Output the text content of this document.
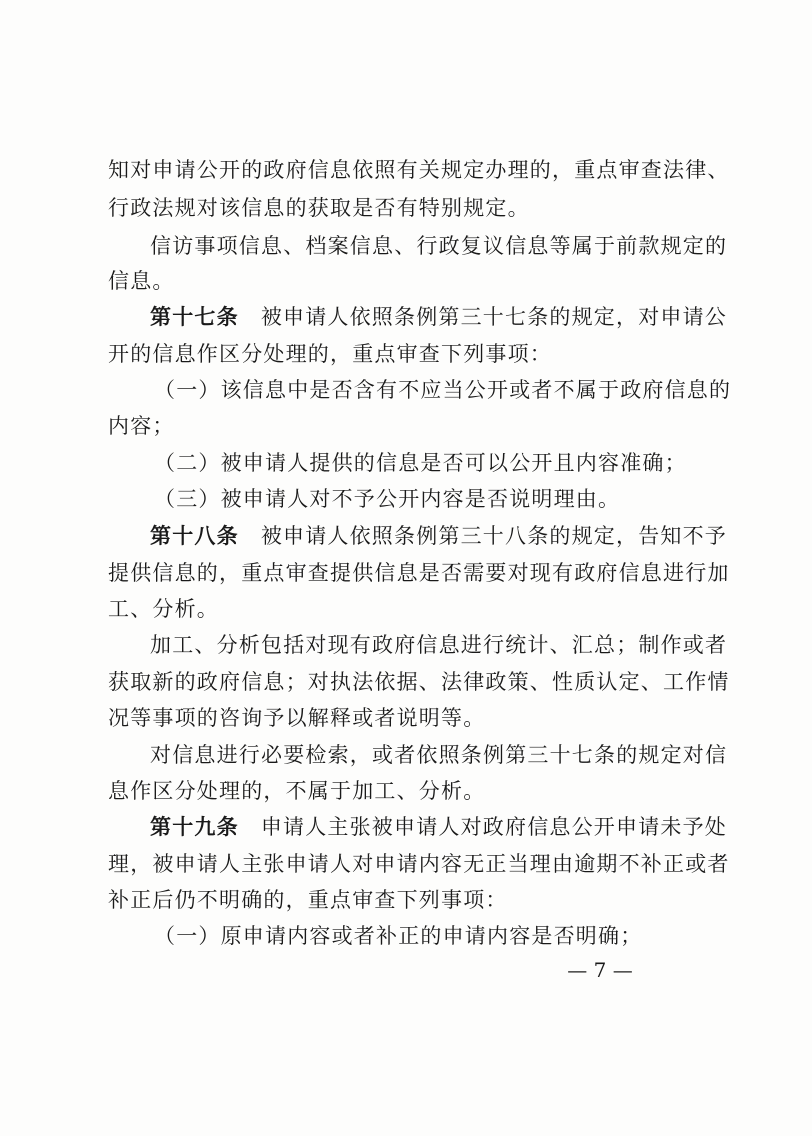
知对申请公开的政府信息依照有关规定办理的，重点审查法律、
行政法规对该信息的获取是否有特别规定。
信访事项信息、档案信息、行政复议信息等属于前款规定的
信息。
第十七条 被申请人依照条例第三十七条的规定，对申请公
开的信息作区分处理的，重点审查下列事项：
（一）该信息中是否含有不应当公开或者不属于政府信息的
内容；
（二）被申请人提供的信息是否可以公开且内容准确；
（三）被申请人对不予公开内容是否说明理由。
第十八条 被申请人依照条例第三十八条的规定，告知不予
提供信息的，重点审查提供信息是否需要对现有政府信息进行加
工、分析。
加工、分析包括对现有政府信息进行统计、汇总；制作或者
获取新的政府信息；对执法依据、法律政策、性质认定、工作情
况等事项的咨询予以解释或者说明等。
对信息进行必要检索，或者依照条例第三十七条的规定对信
息作区分处理的，不属于加工、分析。
第十九条 申请人主张被申请人对政府信息公开申请未予处
理，被申请人主张申请人对申请内容无正当理由逾期不补正或者
补正后仍不明确的，重点审查下列事项：
（一）原申请内容或者补正的申请内容是否明确；
— 7 —
